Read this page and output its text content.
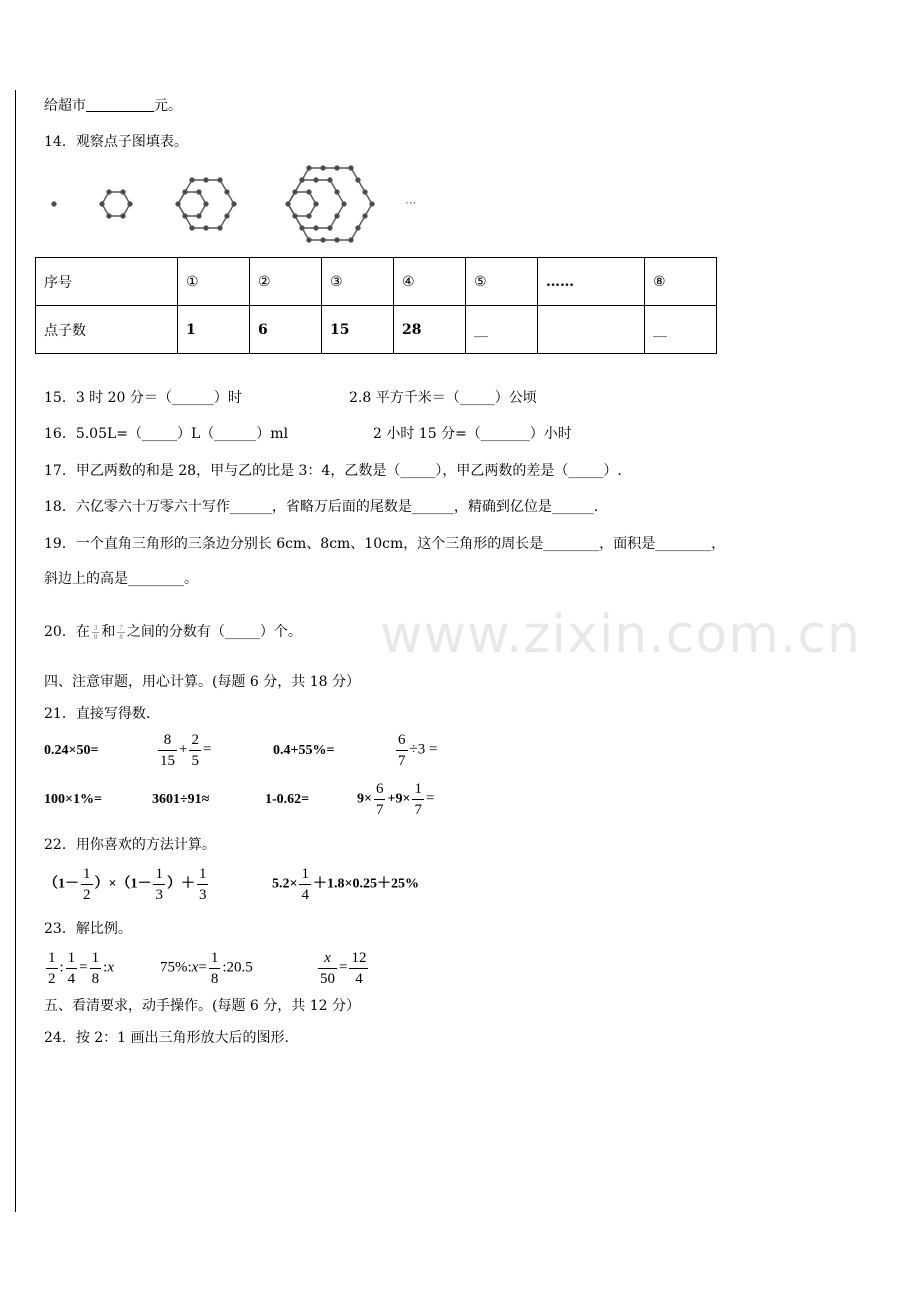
给超市	元。
14．观察点子图填表。
···
序号	①	②	③	④	⑤	……	⑧
点子数	1	6	15	28	__		__
15．3 时 20 分＝（______）时	2.8 平方千米＝（_____）公顷
16．5.05L=（_____）L（______）ml	2 小时 15 分=（_______）小时
17．甲乙两数的和是 28，甲与乙的比是 3：4，乙数是（_____），甲乙两数的差是（_____）.
18．六亿零六十万零六十写作______，省略万后面的尾数是______，精确到亿位是______.
19．一个直角三角形的三条边分别长 6cm、8cm、10cm，这个三角形的周长是________，面积是________，
斜边上的高是________。
www.zixin.com.cn
20．在 $\frac{3}{8}$ 和 $\frac{7}{8}$ 之间的分数有（_____）个。
四、注意审题，用心计算。(每题 6 分，共 18 分）
21．直接写得数.
0.24×50=	$\frac{8}{15} + \frac{2}{5}$ =	0.4+55%=	$\frac{6}{7} \div 3$ =
100×1%=	3601÷91≈	1-0.62=	$9\times \frac{6}{7} +9\times \frac{1}{7}$ =
22．用你喜欢的方法计算。
$(1- \frac{1}{2} )\times(1- \frac{1}{3}$ ）＋ $\frac{1}{3}$	$5.2\times \frac{1}{4} +1.8\times 0.25+25\%$
23．解比例。
$\frac{1}{2}$ : $\frac{1}{4} = \frac{1}{8}$ :x	75%:x= $\frac{1}{8}$ :20.5	$\frac{x}{50} = \frac{12}{4}$
五、看清要求，动手操作。(每题 6 分，共 12 分）
24．按 2：1 画出三角形放大后的图形.
